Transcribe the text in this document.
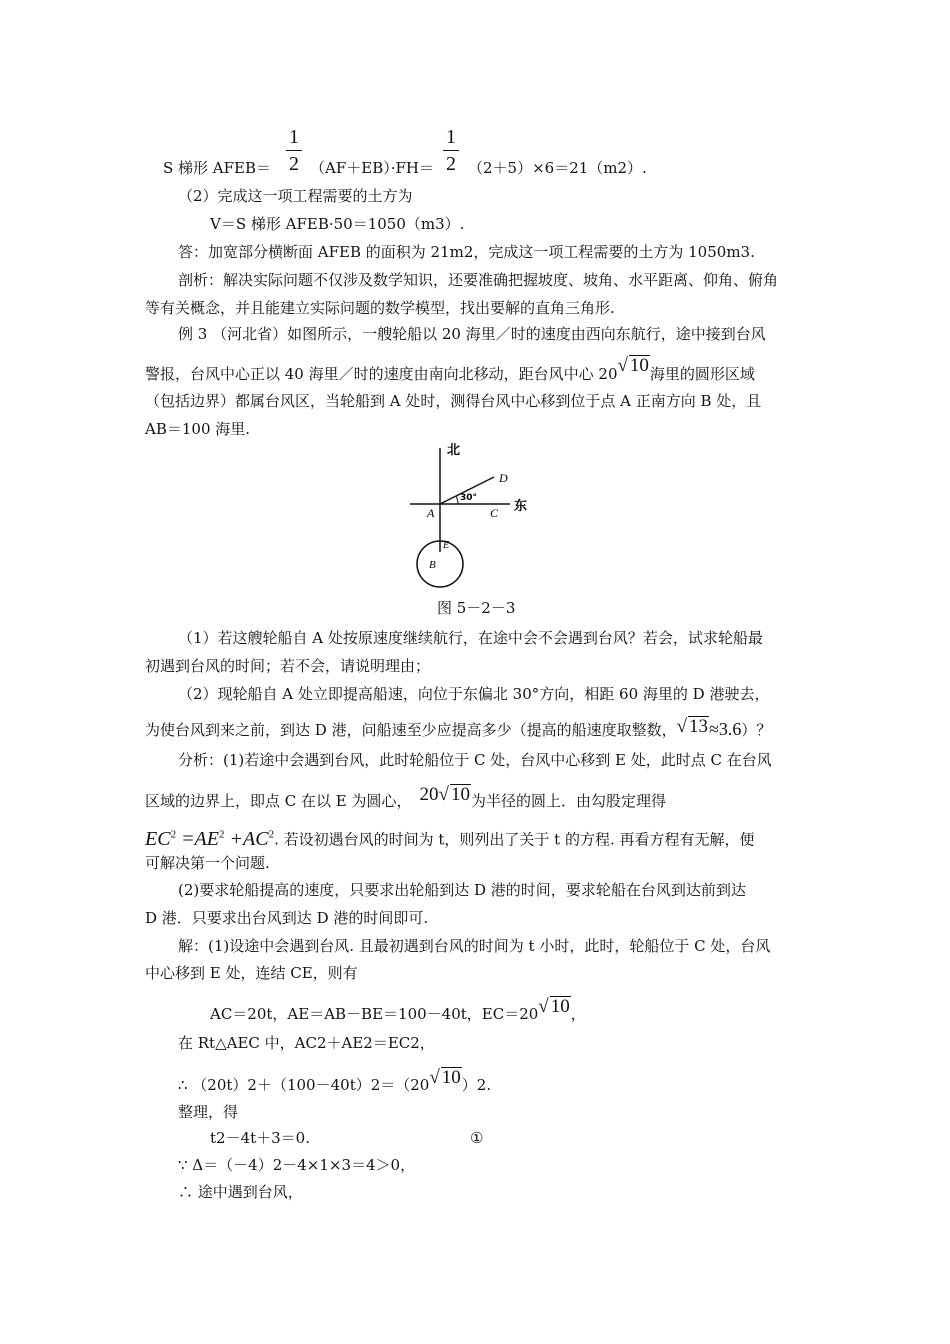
S 梯形 AFEB＝
1
2 （AF＋EB）·FH＝
1
2 （2＋5）×6＝21（m2）.
（2）完成这一项工程需要的土方为
V＝S 梯形 AFEB·50＝1050（m3）.
答：加宽部分横断面 AFEB 的面积为 21m2，完成这一项工程需要的土方为 1050m3.
剖析：解决实际问题不仅涉及数学知识，还要准确把握坡度、坡角、水平距离、仰角、俯角
等有关概念，并且能建立实际问题的数学模型，找出要解的直角三角形.
例 3 （河北省）如图所示，一艘轮船以 20 海里／时的速度由西向东航行，途中接到台风
警报，台风中心正以 40 海里／时的速度由南向北移动，距台风中心 20√ 10海里的圆形区域
（包括边界）都属台风区，当轮船到 A 处时，测得台风中心移到位于点 A 正南方向 B 处，且
AB＝100 海里.
北
东
30°
D
A	C
E
B
图 5－2－3
（1）若这艘轮船自 A 处按原速度继续航行，在途中会不会遇到台风？若会，试求轮船最
初遇到台风的时间；若不会，请说明理由；
（2）现轮船自 A 处立即提高船速，向位于东偏北 30°方向，相距 60 海里的 D 港驶去，
为使台风到来之前，到达 D 港，问船速至少应提高多少（提高的船速度取整数，√ 13≈3.6）？
分析：(1)若途中会遇到台风，此时轮船位于 C 处，台风中心移到 E 处，此时点 C 在台风
区域的边界上，即点 C 在以 E 为圆心， 20√ 10为半径的圆上．由勾股定理得
$EC^2 =AE^2 +AC^2$. 若设初遇台风的时间为 t，则列出了关于 t 的方程. 再看方程有无解，便
可解决第一个问题.
(2)要求轮船提高的速度，只要求出轮船到达 D 港的时间，要求轮船在台风到达前到达
D 港．只要求出台风到达 D 港的时间即可.
解：(1)设途中会遇到台风. 且最初遇到台风的时间为 t 小时，此时，轮船位于 C 处，台风
中心移到 E 处，连结 CE，则有
AC＝20t，AE＝AB－BE＝100－40t，EC＝20√ 10，
在 Rt△AEC 中，AC2＋AE2＝EC2，
∴ （20t）2＋（100－40t）2＝（20√ 10）2.
整理，得
t2－4t＋3＝0.	①
∵ Δ＝（－4）2－4×1×3＝4＞0，
∴ 途中遇到台风，
